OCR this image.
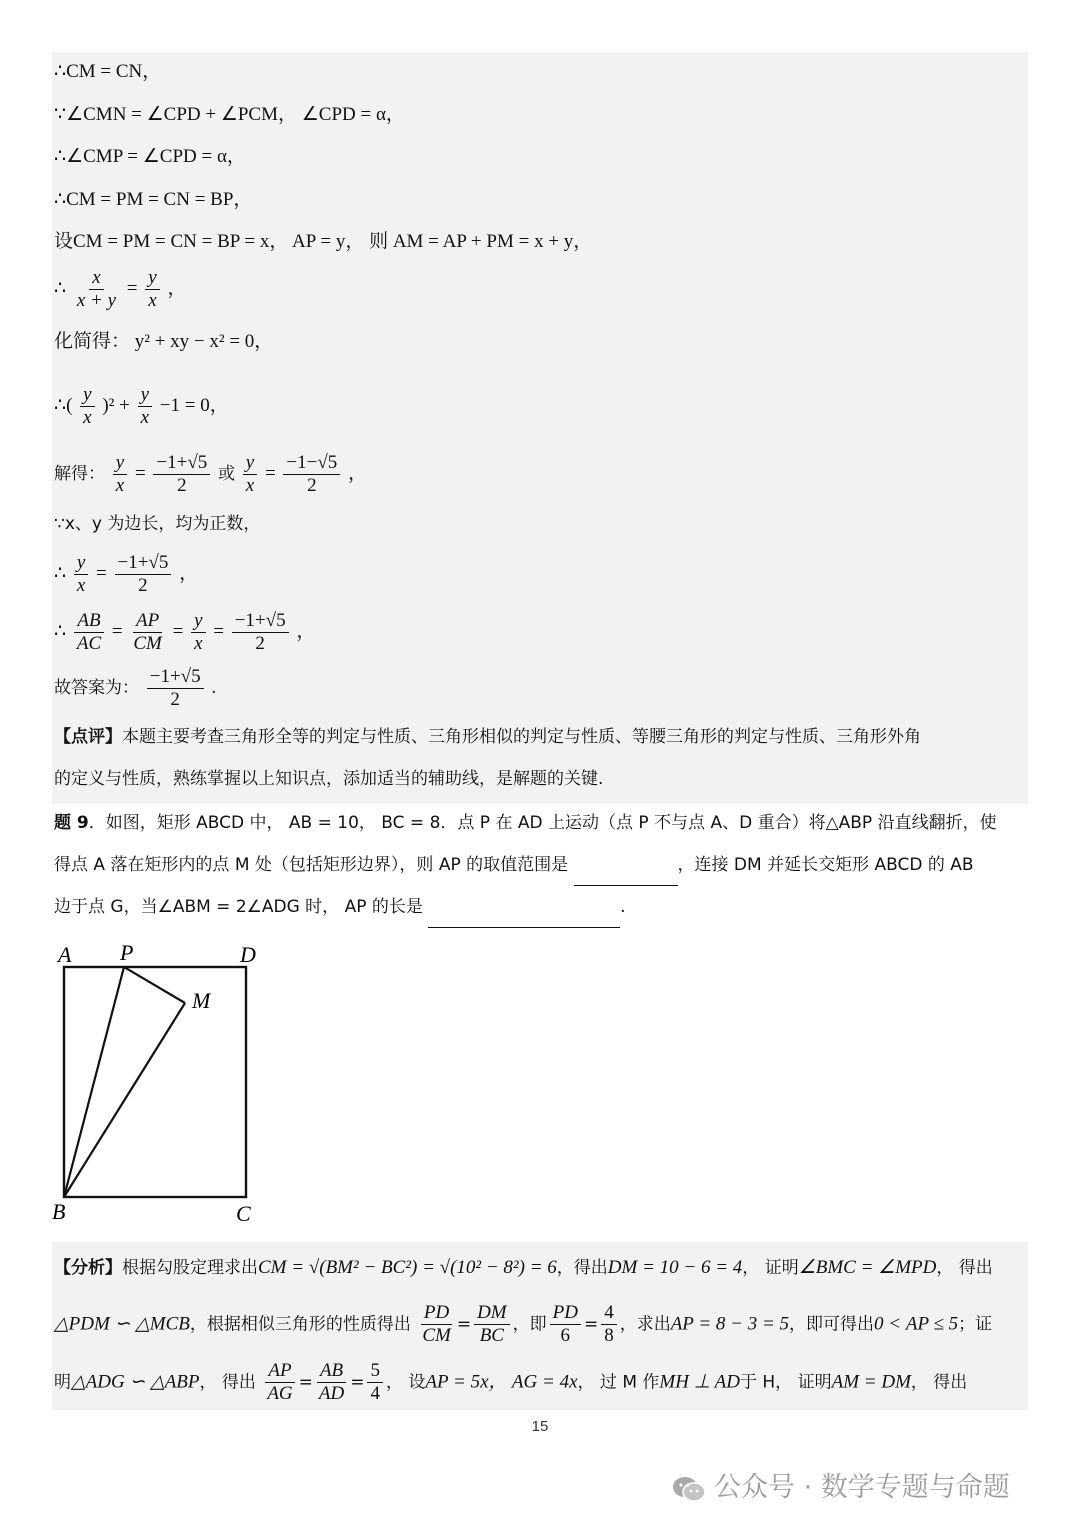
∴CM = CN，
∵∠CMN = ∠CPD + ∠PCM， ∠CPD = α，
∴∠CMP = ∠CPD = α，
∴CM = PM = CN = BP，
设CM = PM = CN = BP = x， AP = y， 则 AM = AP + PM = x + y，
∴ $\frac{x}{x + y} = \frac{y}{x}$ ，
化简得： y² + xy − x² = 0，
∴( $\frac{y}{x} )^2 + \frac{y}{x} -1 = 0$，
解得： $\frac{y}{x} = \frac{-1+√5}{2}$ 或 $\frac{y}{x} = \frac{-1-√5}{2}$ ，
∵x、y 为边长，均为正数，
∴ $\frac{y}{x} = \frac{-1+√5}{2}$ ，
∴ $\frac{AB}{AC} = \frac{AP}{CM} = \frac{y}{x} = \frac{-1+√5}{2}$ ，
故答案为： $\frac{-1+√5}{2}$ .
【点评】本题主要考查三角形全等的判定与性质、三角形相似的判定与性质、等腰三角形的判定与性质、三角形外角
的定义与性质，熟练掌握以上知识点，添加适当的辅助线，是解题的关键.
题 9．如图，矩形 ABCD 中， AB = 10， BC = 8．点 P 在 AD 上运动（点 P 不与点 A、D 重合）将△ABP 沿直线翻折，使
得点 A 落在矩形内的点 M 处（包括矩形边界），则 AP 的取值范围是	，连接 DM 并延长交矩形 ABCD 的 AB
边于点 G，当∠ABM = 2∠ADG 时， AP 的长是	.
A P	D
M
B	C
【分析】根据勾股定理求出CM = √(BM² − BC²) = √(10² − 8²) = 6，得出DM = 10 − 6 = 4， 证明∠BMC = ∠MPD， 得出
△PDM ∽ △MCB，根据相似三角形的性质得出 $\frac{PD}{CM} = \frac{DM}{BC}$ ，即 $\frac{PD}{6} = \frac{4}{8}$ ，求出AP = 8 − 3 = 5，即可得出0 < AP ≤ 5；证
明△ADG ∽ △ABP， 得出 $\frac{AP}{AG} = \frac{AB}{AD} = \frac{5}{4}$ ， 设AP = 5x， AG = 4x， 过 M 作MH ⊥ AD于 H， 证明AM = DM， 得出
15
公众号 · 数学专题与命题
